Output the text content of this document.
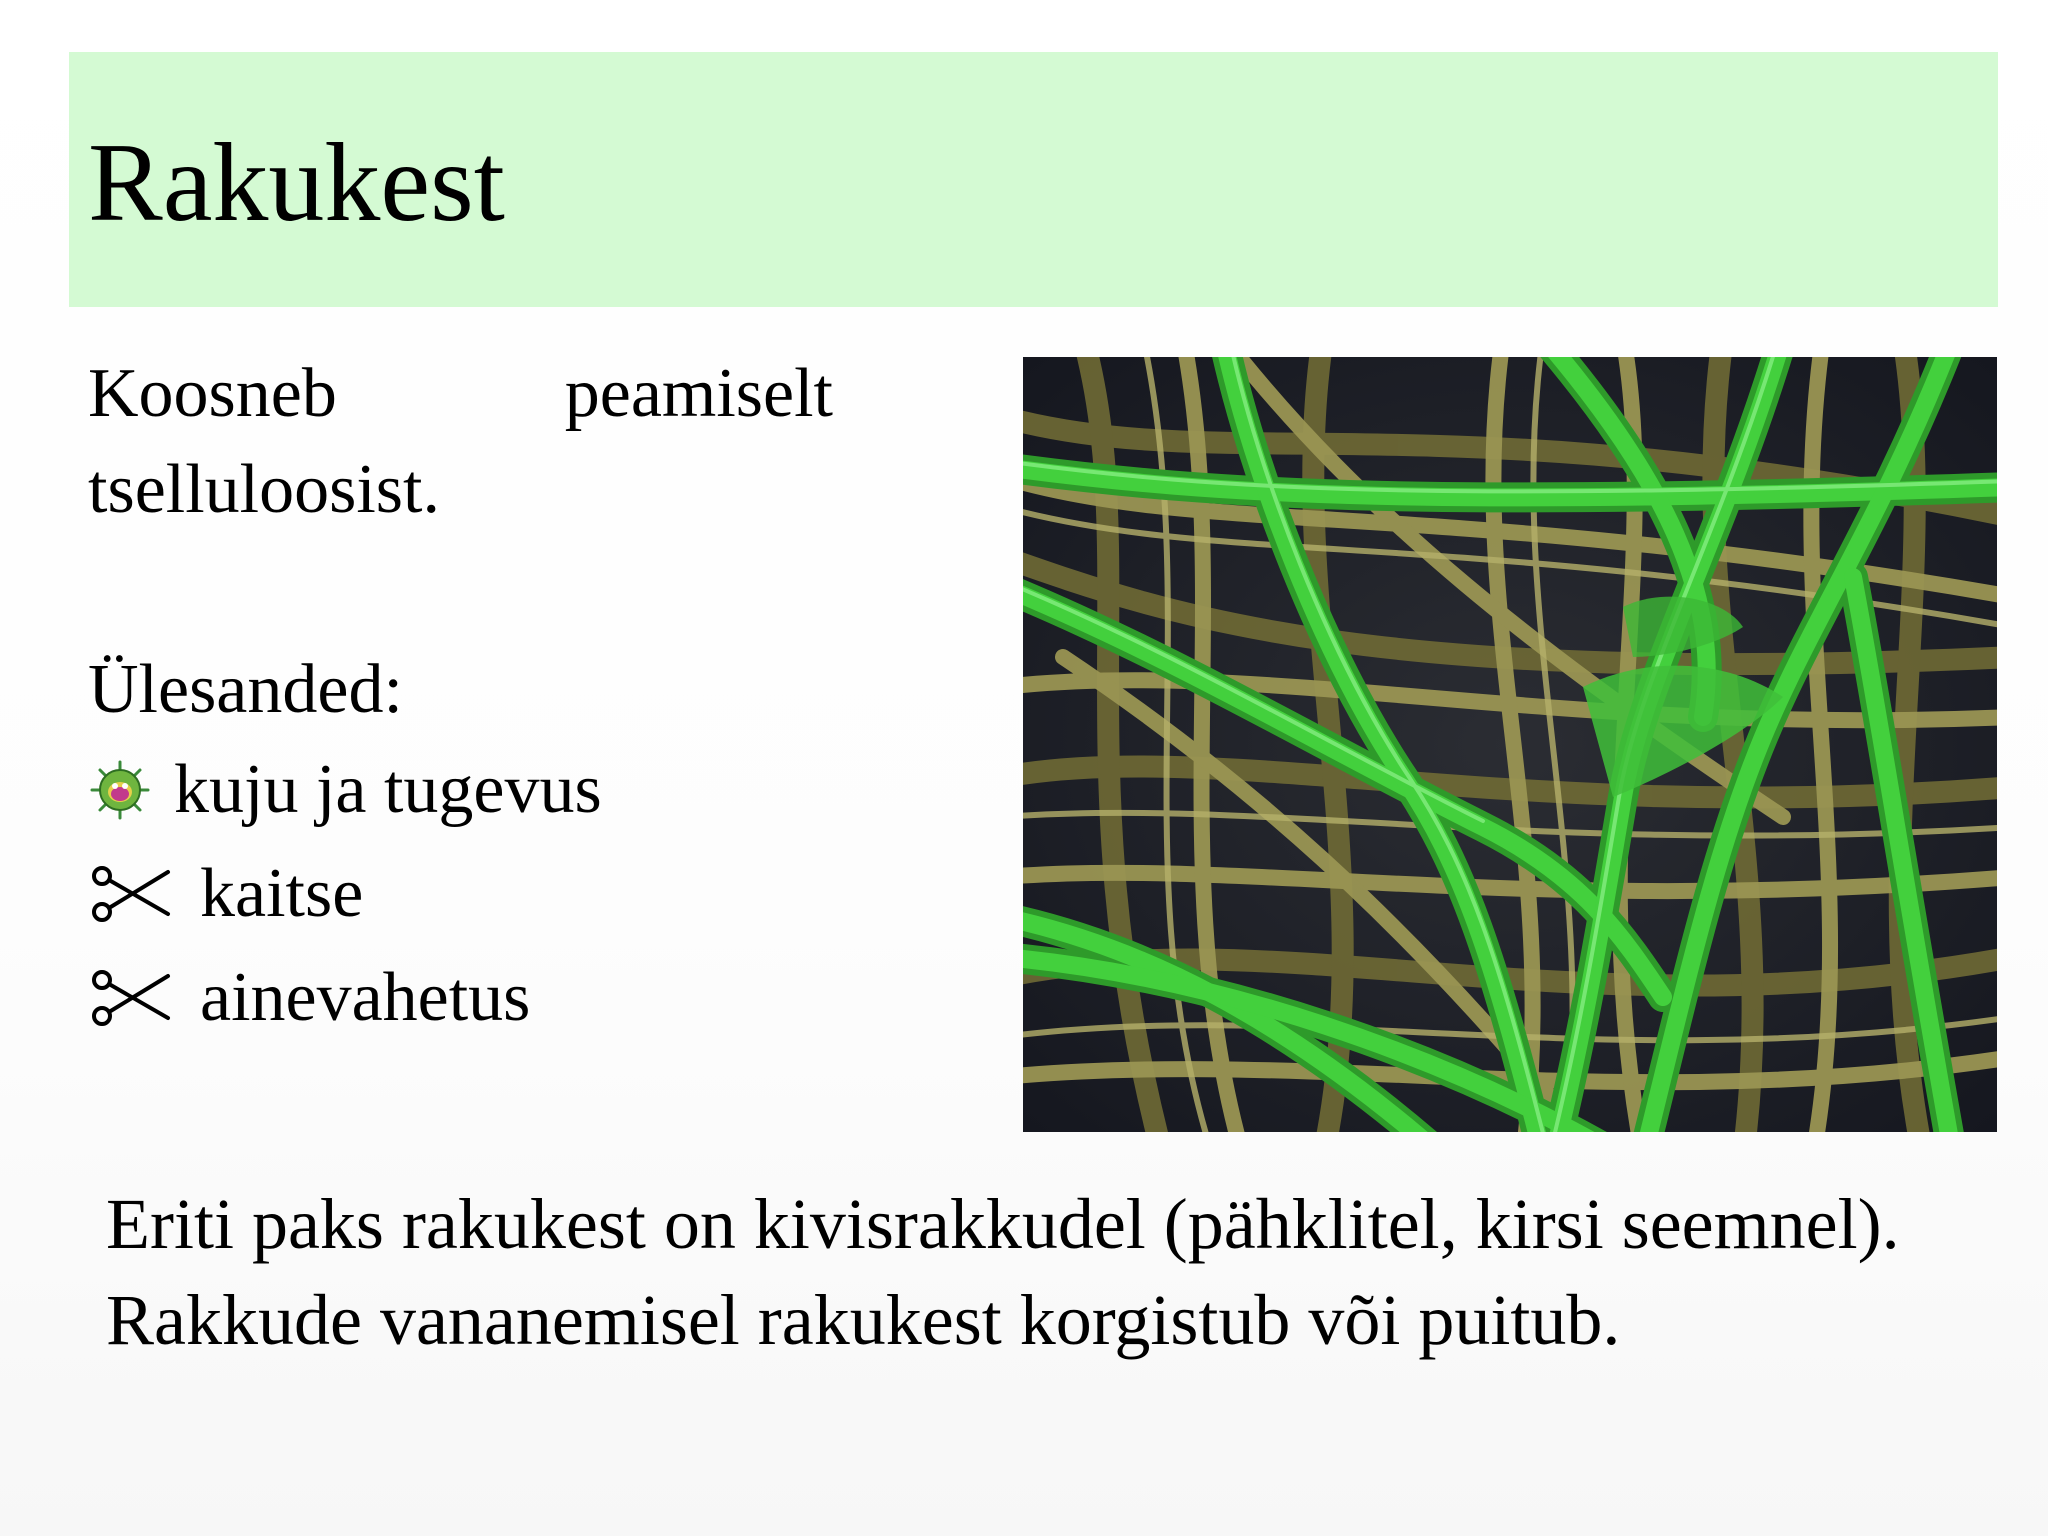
Rakukest
Koosneb	peamiselt
tselluloosist.
Ülesanded:
kuju ja tugevus
kaitse
ainevahetus
Eriti paks rakukest on kivisrakkudel (pähklitel, kirsi seemnel).
Rakkude vananemisel rakukest korgistub või puitub.
